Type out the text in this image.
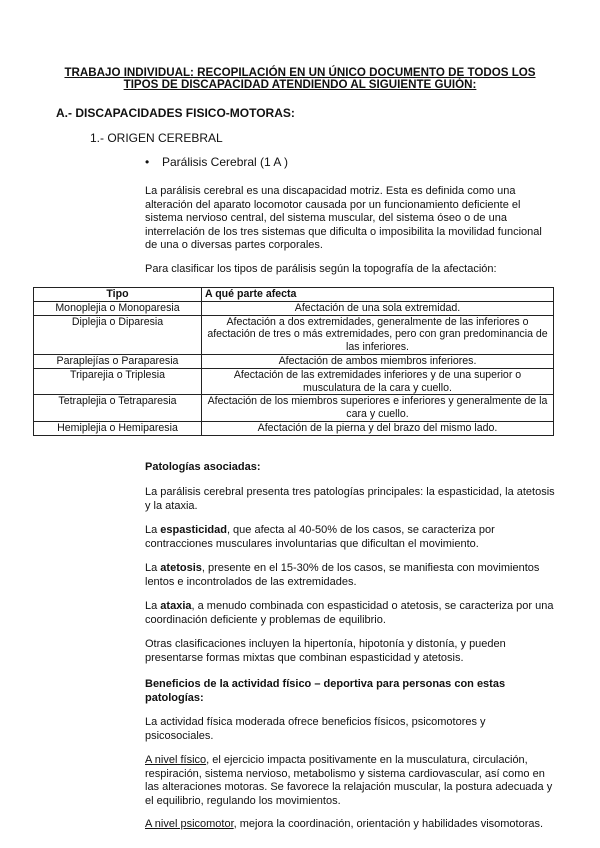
TRABAJO INDIVIDUAL: RECOPILACIÓN EN UN ÚNICO DOCUMENTO DE TODOS LOS
TIPOS DE DISCAPACIDAD ATENDIENDO AL SIGUIENTE GUIÓN:
A.- DISCAPACIDADES FISICO-MOTORAS:
1.- ORIGEN CEREBRAL
• Parálisis Cerebral (1 A )

La parálisis cerebral es una discapacidad motriz. Esta es definida como una alteración del aparato locomotor causada por un funcionamiento deficiente el sistema nervioso central, del sistema muscular, del sistema óseo o de una interrelación de los tres sistemas que dificulta o imposibilita la movilidad funcional de una o diversas partes corporales.

Para clasificar los tipos de parálisis según la topografía de la afectación:

Tipo	A qué parte afecta
Monoplejia o Monoparesia	Afectación de una sola extremidad.
Diplejia o Diparesia	Afectación a dos extremidades, generalmente de las inferiores o afectación de tres o más extremidades, pero con gran predominancia de las inferiores.
Paraplejías o Paraparesia	Afectación de ambos miembros inferiores.
Triparejia o Triplesia	Afectación de las extremidades inferiores y de una superior o musculatura de la cara y cuello.
Tetraplejia o Tetraparesia	Afectación de los miembros superiores e inferiores y generalmente de la cara y cuello.
Hemiplejia o Hemiparesia	Afectación de la pierna y del brazo del mismo lado.

Patologías asociadas:

La parálisis cerebral presenta tres patologías principales: la espasticidad, la atetosis y la ataxia.

La espasticidad, que afecta al 40-50% de los casos, se caracteriza por contracciones musculares involuntarias que dificultan el movimiento.

La atetosis, presente en el 15-30% de los casos, se manifiesta con movimientos lentos e incontrolados de las extremidades.

La ataxia, a menudo combinada con espasticidad o atetosis, se caracteriza por una coordinación deficiente y problemas de equilibrio.

Otras clasificaciones incluyen la hipertonía, hipotonía y distonía, y pueden presentarse formas mixtas que combinan espasticidad y atetosis.

Beneficios de la actividad físico – deportiva para personas con estas patologías:

La actividad física moderada ofrece beneficios físicos, psicomotores y psicosociales.

A nivel físico, el ejercicio impacta positivamente en la musculatura, circulación, respiración, sistema nervioso, metabolismo y sistema cardiovascular, así como en las alteraciones motoras. Se favorece la relajación muscular, la postura adecuada y el equilibrio, regulando los movimientos.

A nivel psicomotor, mejora la coordinación, orientación y habilidades visomotoras.
